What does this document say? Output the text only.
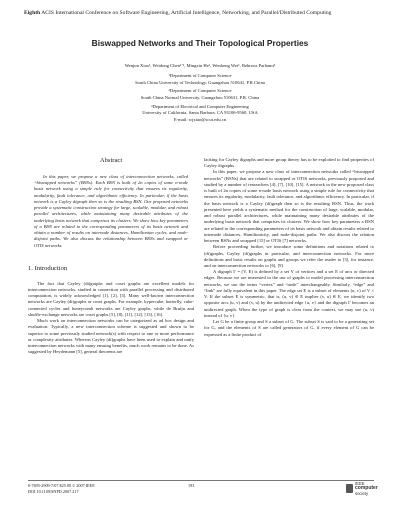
Eighth ACIS International Conference on Software Engineering, Artificial Intelligence, Networking, and Parallel/Distributed Computing
Biswapped Networks and Their Topological Properties
Wenjun Xiao¹, Weidong Chen¹ʼ², Mingxin He¹, Wenhong Wei¹, Behrooz Parhami³

¹Department of Computer Science

South China University of Technology, Guangzhou 510641, P.R.China

²Department of Computer Science

South China Normal University, Guangzhou 510631, P.R. China

³Department of Electrical and Computer Engineering

University of California, Santa Barbara, CA 93106-9560, USA

E-mail: wjxiao@scut.edu.cn

Abstract

In this paper, we propose a new class of interconnection networks, called “biswapped networks” (BSNs). Each BSN is built of 2n copies of some n-node basis network using a simple rule for connectivity that ensures its regularity, modularity, fault tolerance, and algorithmic efficiency. In particular, if the basis network is a Cayley digraph then so is the resulting BSN. Our proposed networks provide a systematic construction strategy for large, scalable, modular, and robust parallel architectures, while maintaining many desirable attributes of the underlying basis network that comprises its clusters. We show how key parameters of a BSN are related to the corresponding parameters of its basis network and obtain a number of results on internode distances, Hamiltonian cycles, and node-disjoint paths. We also discuss the relationship between BSNs and swapped or OTIS networks.

1. Introduction

The fact that Cayley (di)graphs and coset graphs are excellent models for interconnection networks, studied in connection with parallel processing and distributed computation, is widely acknowledged [1], [2], [5]. Many well-known interconnection networks are Cayley (di)graphs or coset graphs. For example, hypercube, butterfly, cube-connected cycles and honeycomb networks are Cayley graphs, while de Bruijn and shuffle-exchange networks are coset graphs [5], [8], [11], [12], [13], [16].

Much work on interconnection networks can be categorized as ad hoc design and evaluation. Typically, a new interconnection scheme is suggested and shown to be superior to some previously studied network(s) with respect to one or more performance or complexity attributes. Whereas Cayley (di)graphs have been used to explain and unify interconnection networks with many ensuing benefits, much work remains to be done. As suggested by Heydemann [5], general theorems are

lacking for Cayley digraphs and more group theory has to be exploited to find properties of Cayley digraphs.

In this paper, we propose a new class of interconnection networks called “biswapped networks” (BSNs) that are related to swapped or OTIS networks, previously proposed and studied by a number of researchers [4], [7], [10], [15]. A network in the new proposed class is built of 2n copies of some n-node basis network using a simple rule for connectivity that ensures its regularity, modularity, fault tolerance, and algorithmic efficiency. In particular, if the basis network is a Cayley (di)graph then so is the resulting BSN. Thus, the work presented here yields a systematic method for the construction of large, scalable, modular, and robust parallel architectures, while maintaining many desirable attributes of the underlying basis network that comprises its clusters. We show how key parameters a BSN are related to the corresponding parameters of its basis network and obtain results related to internode distances, Hamiltonicity, and node-disjoint paths. We also discuss the relation between BSNs and swapped [15] or OTIS [7] networks.

Before proceeding further, we introduce some definitions and notations related to (di)graphs, Cayley (di)graphs in particular, and interconnection networks. For more definitions and basic results on graphs and groups we refer the reader to [3], for instance, and on interconnection networks to [6], [9].

A digraph Γ = (V, E) is defined by a set V of vertices and a set E of arcs or directed edges. Because we are interested in the use of graphs to model processing interconnection networks, we use the terms “vertex” and “node” interchangeably. Similarly, “edge” and “link” are fully equivalent in this paper. The edge set E is a subset of elements (u, v) of V × V. If the subset E is symmetric, that is, (u, v) ∈ E implies (v, u) ∈ E, we identify two opposite arcs (u, v) and (v, u) by the undirected edge {u, v} and the digraph Γ becomes an undirected graph. When the type of graph is clear from the context, we may use (u, v) instead of {u, v}.

Let G be a finite group and S a subset of G. The subset S is said to be a generating set for G, and the elements of S are called generators of G, if every element of G can be expressed as a finite product of

0-7695-2909-7/07 $25.00 © 2007 IEEE
DOI 10.1109/SNPD.2007.217
193	IEEE
computer
society
